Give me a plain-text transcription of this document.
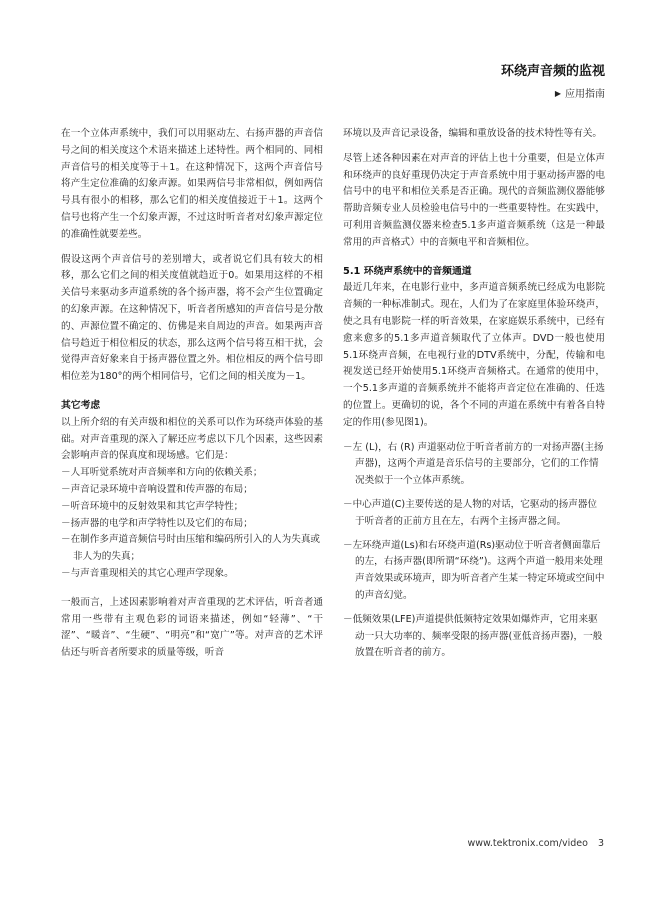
环绕声音频的监视
▶ 应用指南

在一个立体声系统中，我们可以用驱动左、右扬声器的声音信号之间的相关度这个术语来描述上述特性。两个相同的、同相声音信号的相关度等于＋1。在这种情况下，这两个声音信号将产生定位准确的幻象声源。如果两信号非常相似，例如两信号具有很小的相移，那么它们的相关度值接近于＋1。这两个信号也将产生一个幻象声源，不过这时听音者对幻象声源定位的准确性就要差些。

假设这两个声音信号的差别增大，或者说它们具有较大的相移，那么它们之间的相关度值就趋近于0。如果用这样的不相关信号来驱动多声道系统的各个扬声器，将不会产生位置确定的幻象声源。在这种情况下，听音者所感知的声音信号是分散的、声源位置不确定的、仿佛是来自周边的声音。如果两声音信号趋近于相位相反的状态，那么这两个信号将互相干扰，会觉得声音好象来自于扬声器位置之外。相位相反的两个信号即相位差为180°的两个相同信号，它们之间的相关度为－1。

其它考虑

以上所介绍的有关声级和相位的关系可以作为环绕声体验的基础。对声音重现的深入了解还应考虑以下几个因素，这些因素会影响声音的保真度和现场感。它们是：

－人耳听觉系统对声音频率和方向的依赖关系；
－声音记录环境中音响设置和传声器的布局；
－听音环境中的反射效果和其它声学特性；
－扬声器的电学和声学特性以及它们的布局；
－在制作多声道音频信号时由压缩和编码所引入的人为失真或非人为的失真；
－与声音重现相关的其它心理声学现象。

一般而言，上述因素影响着对声音重现的艺术评估，听音者通常用一些带有主观色彩的词语来描述，例如“轻薄”、“干涩”、“暖音”、“生硬”、“明亮”和“宽广”等。对声音的艺术评估还与听音者所要求的质量等级，听音

环境以及声音记录设备，编辑和重放设备的技术特性等有关。

尽管上述各种因素在对声音的评估上也十分重要，但是立体声和环绕声的良好重现仍决定于声音系统中用于驱动扬声器的电信号中的电平和相位关系是否正确。现代的音频监测仪器能够帮助音频专业人员检验电信号中的一些重要特性。在实践中，可利用音频监测仪器来检查5.1多声道音频系统（这是一种最常用的声音格式）中的音频电平和音频相位。

5.1 环绕声系统中的音频通道

最近几年来，在电影行业中，多声道音频系统已经成为电影院音频的一种标准制式。现在，人们为了在家庭里体验环绕声，使之具有电影院一样的听音效果，在家庭娱乐系统中，已经有愈来愈多的5.1多声道音频取代了立体声。DVD一般也使用5.1环绕声音频，在电视行业的DTV系统中，分配，传输和电视发送已经开始使用5.1环绕声音频格式。在通常的使用中，一个5.1多声道的音频系统并不能将声音定位在准确的、任选的位置上。更确切的说，各个不同的声道在系统中有着各自特定的作用(参见图1)。

－左 (L)，右 (R) 声道驱动位于听音者前方的一对扬声器(主扬声器)，这两个声道是音乐信号的主要部分，它们的工作情况类似于一个立体声系统。
－中心声道(C)主要传送的是人物的对话，它驱动的扬声器位于听音者的正前方且在左，右两个主扬声器之间。
－左环绕声道(Ls)和右环绕声道(Rs)驱动位于听音者侧面靠后的左，右扬声器(即所谓“环绕”)。这两个声道一般用来处理声音效果或环境声，即为听音者产生某一特定环境或空间中的声音幻觉。
－低频效果(LFE)声道提供低频特定效果如爆炸声，它用来驱动一只大功率的、频率受限的扬声器(亚低音扬声器)，一般放置在听音者的前方。
www.tektronix.com/video 3
